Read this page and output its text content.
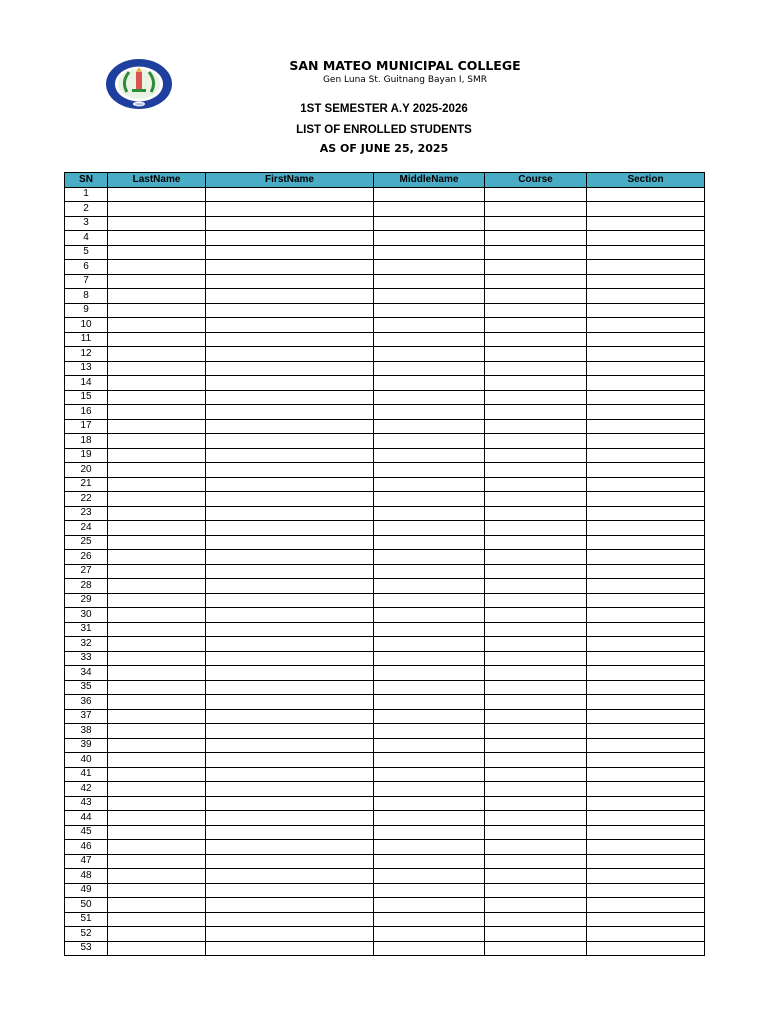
2004
SAN MATEO MUNICIPAL COLLEGE
Gen Luna St. Guitnang Bayan I, SMR
1ST SEMESTER A.Y 2025-2026
LIST OF ENROLLED STUDENTS
AS OF JUNE 25, 2025
SN	LastName	FirstName	MiddleName	Course	Section
1					
2					
3					
4					
5					
6					
7					
8					
9					
10					
11					
12					
13					
14					
15					
16					
17					
18					
19					
20					
21					
22					
23					
24					
25					
26					
27					
28					
29					
30					
31					
32					
33					
34					
35					
36					
37					
38					
39					
40					
41					
42					
43					
44					
45					
46					
47					
48					
49					
50					
51					
52					
53					
